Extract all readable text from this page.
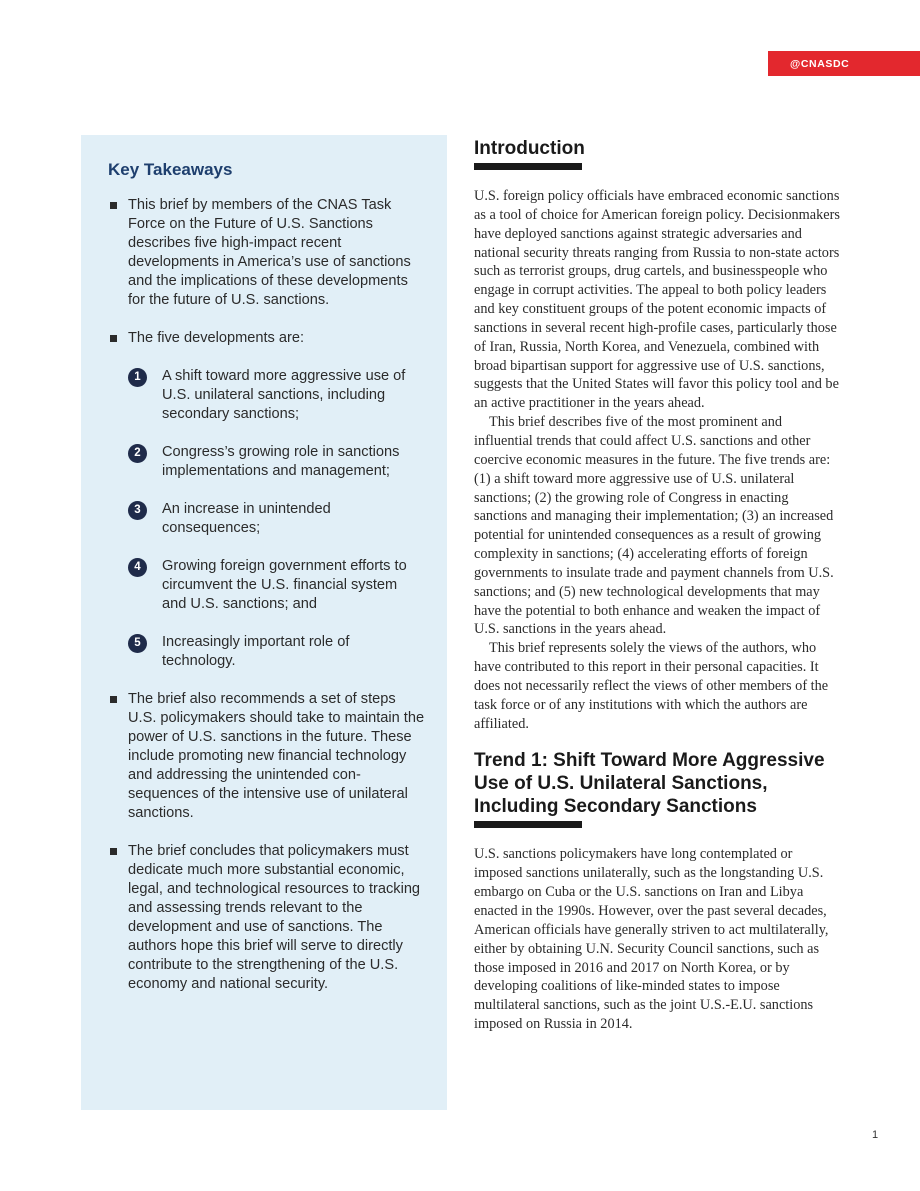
@CNASDC
Key Takeaways
This brief by members of the CNAS Task Force on the Future of U.S. Sanctions describes five high-impact recent developments in America’s use of sanctions and the implications of these developments for the future of U.S. sanctions.
The five developments are:
1	A shift toward more aggressive use of U.S. unilateral sanctions, including secondary sanctions;
2	Congress’s growing role in sanctions implementations and management;
3	An increase in unintended consequences;
4	Growing foreign government efforts to circumvent the U.S. financial system and U.S. sanctions; and
5	Increasingly important role of technology.
The brief also recommends a set of steps U.S. policymakers should take to maintain the power of U.S. sanctions in the future. These include promoting new financial technology and addressing the unintended consequences of the intensive use of unilateral sanctions.
The brief concludes that policymakers must dedicate much more substantial economic, legal, and technological resources to tracking and assessing trends relevant to the development and use of sanctions. The authors hope this brief will serve to directly contribute to the strengthening of the U.S. economy and national security.
Introduction

U.S. foreign policy officials have embraced economic sanctions as a tool of choice for American foreign policy. Decisionmakers have deployed sanctions against strategic adversaries and national security threats ranging from Russia to non-state actors such as terrorist groups, drug cartels, and businesspeople who engage in corrupt activities. The appeal to both policy leaders and key constituent groups of the potent economic impacts of sanctions in several recent high-profile cases, particularly those of Iran, Russia, North Korea, and Venezuela, combined with broad bipartisan support for aggressive use of U.S. sanctions, suggests that the United States will favor this policy tool and be an active practitioner in the years ahead.

This brief describes five of the most prominent and influential trends that could affect U.S. sanctions and other coercive economic measures in the future. The five trends are: (1) a shift toward more aggressive use of U.S. unilateral sanctions; (2) the growing role of Congress in enacting sanctions and managing their implementation; (3) an increased potential for unintended consequences as a result of growing complexity in sanctions; (4) accelerating efforts of foreign governments to insulate trade and payment channels from U.S. sanctions; and (5) new technological developments that may have the potential to both enhance and weaken the impact of U.S. sanctions in the years ahead.

This brief represents solely the views of the authors, who have contributed to this report in their personal capacities. It does not necessarily reflect the views of other members of the task force or of any institutions with which the authors are affiliated.

Trend 1: Shift Toward More Aggressive Use of U.S. Unilateral Sanctions, Including Secondary Sanctions

U.S. sanctions policymakers have long contemplated or imposed sanctions unilaterally, such as the longstanding U.S. embargo on Cuba or the U.S. sanctions on Iran and Libya enacted in the 1990s. However, over the past several decades, American officials have generally striven to act multilaterally, either by obtaining U.N. Security Council sanctions, such as those imposed in 2016 and 2017 on North Korea, or by developing coalitions of like-minded states to impose multilateral sanctions, such as the joint U.S.-E.U. sanctions imposed on Russia in 2014.

1
